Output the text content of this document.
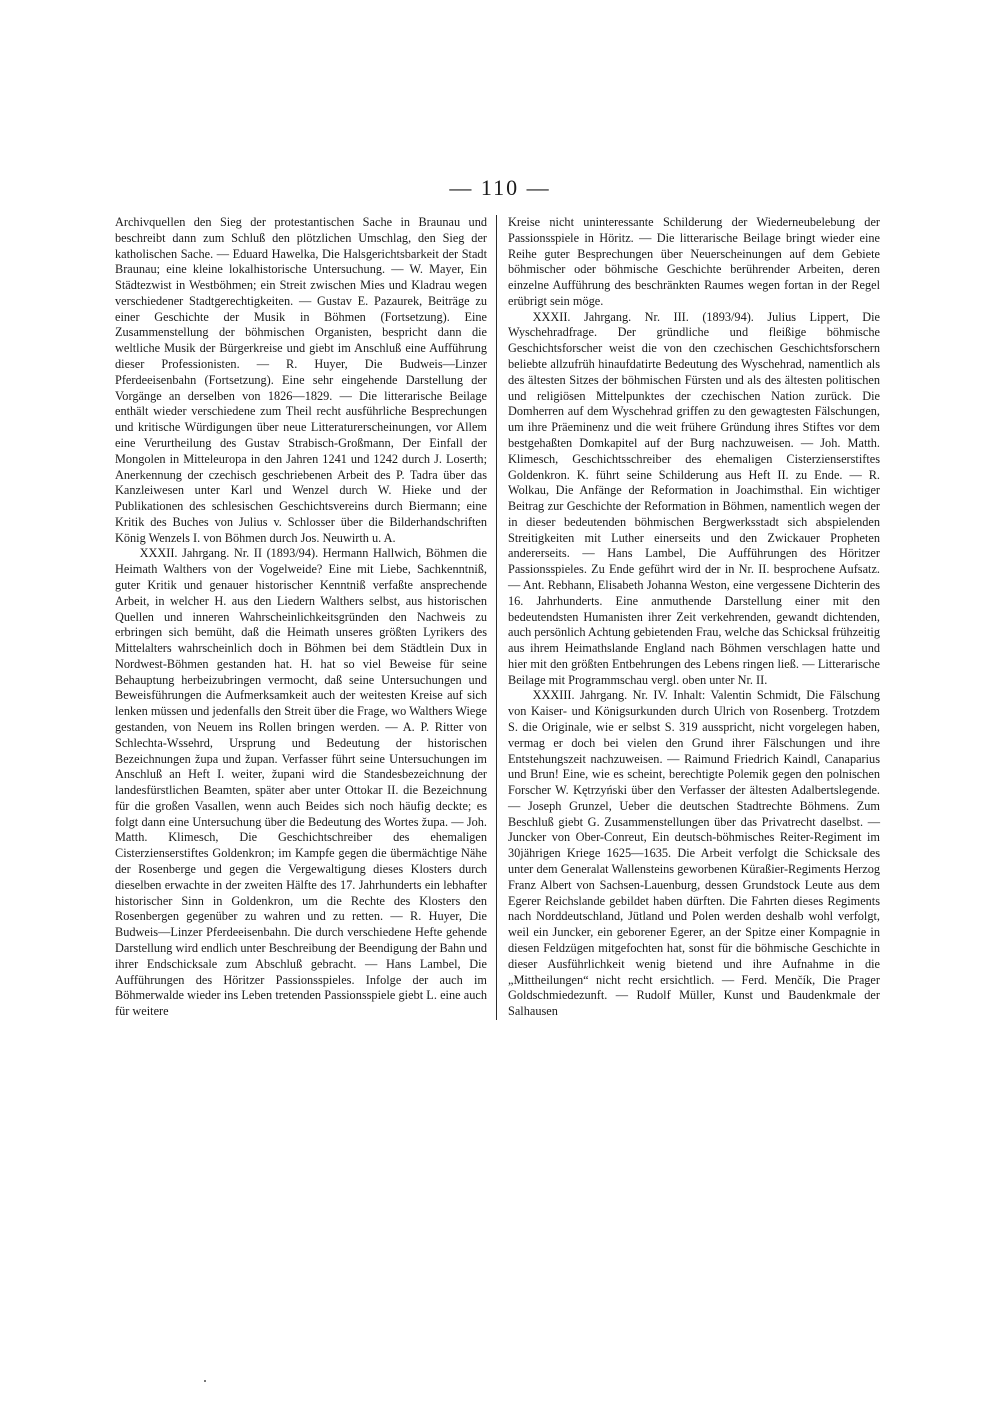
— 110 —

Archivquellen den Sieg der protestantischen Sache in Braunau und beschreibt dann zum Schluß den plötzlichen Umschlag, den Sieg der katholischen Sache. — Eduard Hawelka, Die Halsgerichtsbarkeit der Stadt Braunau; eine kleine lokalhistorische Untersuchung. — W. Mayer, Ein Städtezwist in Westböhmen; ein Streit zwischen Mies und Kladrau wegen verschiedener Stadtgerechtigkeiten. — Gustav E. Pazaurek, Beiträge zu einer Geschichte der Musik in Böhmen (Fortsetzung). Eine Zusammenstellung der böhmischen Organisten, bespricht dann die weltliche Musik der Bürgerkreise und giebt im Anschluß eine Aufführung dieser Professionisten. — R. Huyer, Die Budweis—Linzer Pferdeeisenbahn (Fortsetzung). Eine sehr eingehende Darstellung der Vorgänge an derselben von 1826—1829. — Die litterarische Beilage enthält wieder verschiedene zum Theil recht ausführliche Besprechungen und kritische Würdigungen über neue Litteraturerscheinungen, vor Allem eine Verurtheilung des Gustav Strabisch-Großmann, Der Einfall der Mongolen in Mitteleuropa in den Jahren 1241 und 1242 durch J. Loserth; Anerkennung der czechisch geschriebenen Arbeit des P. Tadra über das Kanzleiwesen unter Karl und Wenzel durch W. Hieke und der Publikationen des schlesischen Geschichtsvereins durch Biermann; eine Kritik des Buches von Julius v. Schlosser über die Bilderhandschriften König Wenzels I. von Böhmen durch Jos. Neuwirth u. A.

XXXII. Jahrgang. Nr. II (1893/94). Hermann Hallwich, Böhmen die Heimath Walthers von der Vogelweide? Eine mit Liebe, Sachkenntniß, guter Kritik und genauer historischer Kenntniß verfaßte ansprechende Arbeit, in welcher H. aus den Liedern Walthers selbst, aus historischen Quellen und inneren Wahrscheinlichkeitsgründen den Nachweis zu erbringen sich bemüht, daß die Heimath unseres größten Lyrikers des Mittelalters wahrscheinlich doch in Böhmen bei dem Städtlein Dux in Nordwest-Böhmen gestanden hat. H. hat so viel Beweise für seine Behauptung herbeizubringen vermocht, daß seine Untersuchungen und Beweisführungen die Aufmerksamkeit auch der weitesten Kreise auf sich lenken müssen und jedenfalls den Streit über die Frage, wo Walthers Wiege gestanden, von Neuem ins Rollen bringen werden. — A. P. Ritter von Schlechta-Wssehrd, Ursprung und Bedeutung der historischen Bezeichnungen župa und župan. Verfasser führt seine Untersuchungen im Anschluß an Heft I. weiter, župani wird die Standesbezeichnung der landesfürstlichen Beamten, später aber unter Ottokar II. die Bezeichnung für die großen Vasallen, wenn auch Beides sich noch häufig deckte; es folgt dann eine Untersuchung über die Bedeutung des Wortes župa. — Joh. Matth. Klimesch, Die Geschichtschreiber des ehemaligen Cisterzienserstiftes Goldenkron; im Kampfe gegen die übermächtige Nähe der Rosenberge und gegen die Vergewaltigung dieses Klosters durch dieselben erwachte in der zweiten Hälfte des 17. Jahrhunderts ein lebhafter historischer Sinn in Goldenkron, um die Rechte des Klosters den Rosenbergen gegenüber zu wahren und zu retten. — R. Huyer, Die Budweis—Linzer Pferdeeisenbahn. Die durch verschiedene Hefte gehende Darstellung wird endlich unter Beschreibung der Beendigung der Bahn und ihrer Endschicksale zum Abschluß gebracht. — Hans Lambel, Die Aufführungen des Höritzer Passionsspieles. Infolge der auch im Böhmerwalde wieder ins Leben tretenden Passionsspiele giebt L. eine auch für weitere

Kreise nicht uninteressante Schilderung der Wiederneubelebung der Passionsspiele in Höritz. — Die litterarische Beilage bringt wieder eine Reihe guter Besprechungen über Neuerscheinungen auf dem Gebiete böhmischer oder böhmische Geschichte berührender Arbeiten, deren einzelne Aufführung des beschränkten Raumes wegen fortan in der Regel erübrigt sein möge.

XXXII. Jahrgang. Nr. III. (1893/94). Julius Lippert, Die Wyschehradfrage. Der gründliche und fleißige böhmische Geschichtsforscher weist die von den czechischen Geschichtsforschern beliebte allzufrüh hinaufdatirte Bedeutung des Wyschehrad, namentlich als des ältesten Sitzes der böhmischen Fürsten und als des ältesten politischen und religiösen Mittelpunktes der czechischen Nation zurück. Die Domherren auf dem Wyschehrad griffen zu den gewagtesten Fälschungen, um ihre Präeminenz und die weit frühere Gründung ihres Stiftes vor dem bestgehaßten Domkapitel auf der Burg nachzuweisen. — Joh. Matth. Klimesch, Geschichtsschreiber des ehemaligen Cisterzienserstiftes Goldenkron. K. führt seine Schilderung aus Heft II. zu Ende. — R. Wolkau, Die Anfänge der Reformation in Joachimsthal. Ein wichtiger Beitrag zur Geschichte der Reformation in Böhmen, namentlich wegen der in dieser bedeutenden böhmischen Bergwerksstadt sich abspielenden Streitigkeiten mit Luther einerseits und den Zwickauer Propheten andererseits. — Hans Lambel, Die Aufführungen des Höritzer Passionsspieles. Zu Ende geführt wird der in Nr. II. besprochene Aufsatz. — Ant. Rebhann, Elisabeth Johanna Weston, eine vergessene Dichterin des 16. Jahrhunderts. Eine anmuthende Darstellung einer mit den bedeutendsten Humanisten ihrer Zeit verkehrenden, gewandt dichtenden, auch persönlich Achtung gebietenden Frau, welche das Schicksal frühzeitig aus ihrem Heimathslande England nach Böhmen verschlagen hatte und hier mit den größten Entbehrungen des Lebens ringen ließ. — Litterarische Beilage mit Programmschau vergl. oben unter Nr. II.

XXXIII. Jahrgang. Nr. IV. Inhalt: Valentin Schmidt, Die Fälschung von Kaiser- und Königsurkunden durch Ulrich von Rosenberg. Trotzdem S. die Originale, wie er selbst S. 319 ausspricht, nicht vorgelegen haben, vermag er doch bei vielen den Grund ihrer Fälschungen und ihre Entstehungszeit nachzuweisen. — Raimund Friedrich Kaindl, Canaparius und Brun! Eine, wie es scheint, berechtigte Polemik gegen den polnischen Forscher W. Kętrzyński über den Verfasser der ältesten Adalbertslegende. — Joseph Grunzel, Ueber die deutschen Stadtrechte Böhmens. Zum Beschluß giebt G. Zusammenstellungen über das Privatrecht daselbst. — Juncker von Ober-Conreut, Ein deutsch-böhmisches Reiter-Regiment im 30jährigen Kriege 1625—1635. Die Arbeit verfolgt die Schicksale des unter dem Generalat Wallensteins geworbenen Küraßier-Regiments Herzog Franz Albert von Sachsen-Lauenburg, dessen Grundstock Leute aus dem Egerer Reichslande gebildet haben dürften. Die Fahrten dieses Regiments nach Norddeutschland, Jütland und Polen werden deshalb wohl verfolgt, weil ein Juncker, ein geborener Egerer, an der Spitze einer Kompagnie in diesen Feldzügen mitgefochten hat, sonst für die böhmische Geschichte in dieser Ausführlichkeit wenig bietend und ihre Aufnahme in die „Mittheilungen“ nicht recht ersichtlich. — Ferd. Menčík, Die Prager Goldschmiedezunft. — Rudolf Müller, Kunst und Baudenkmale der Salhausen
